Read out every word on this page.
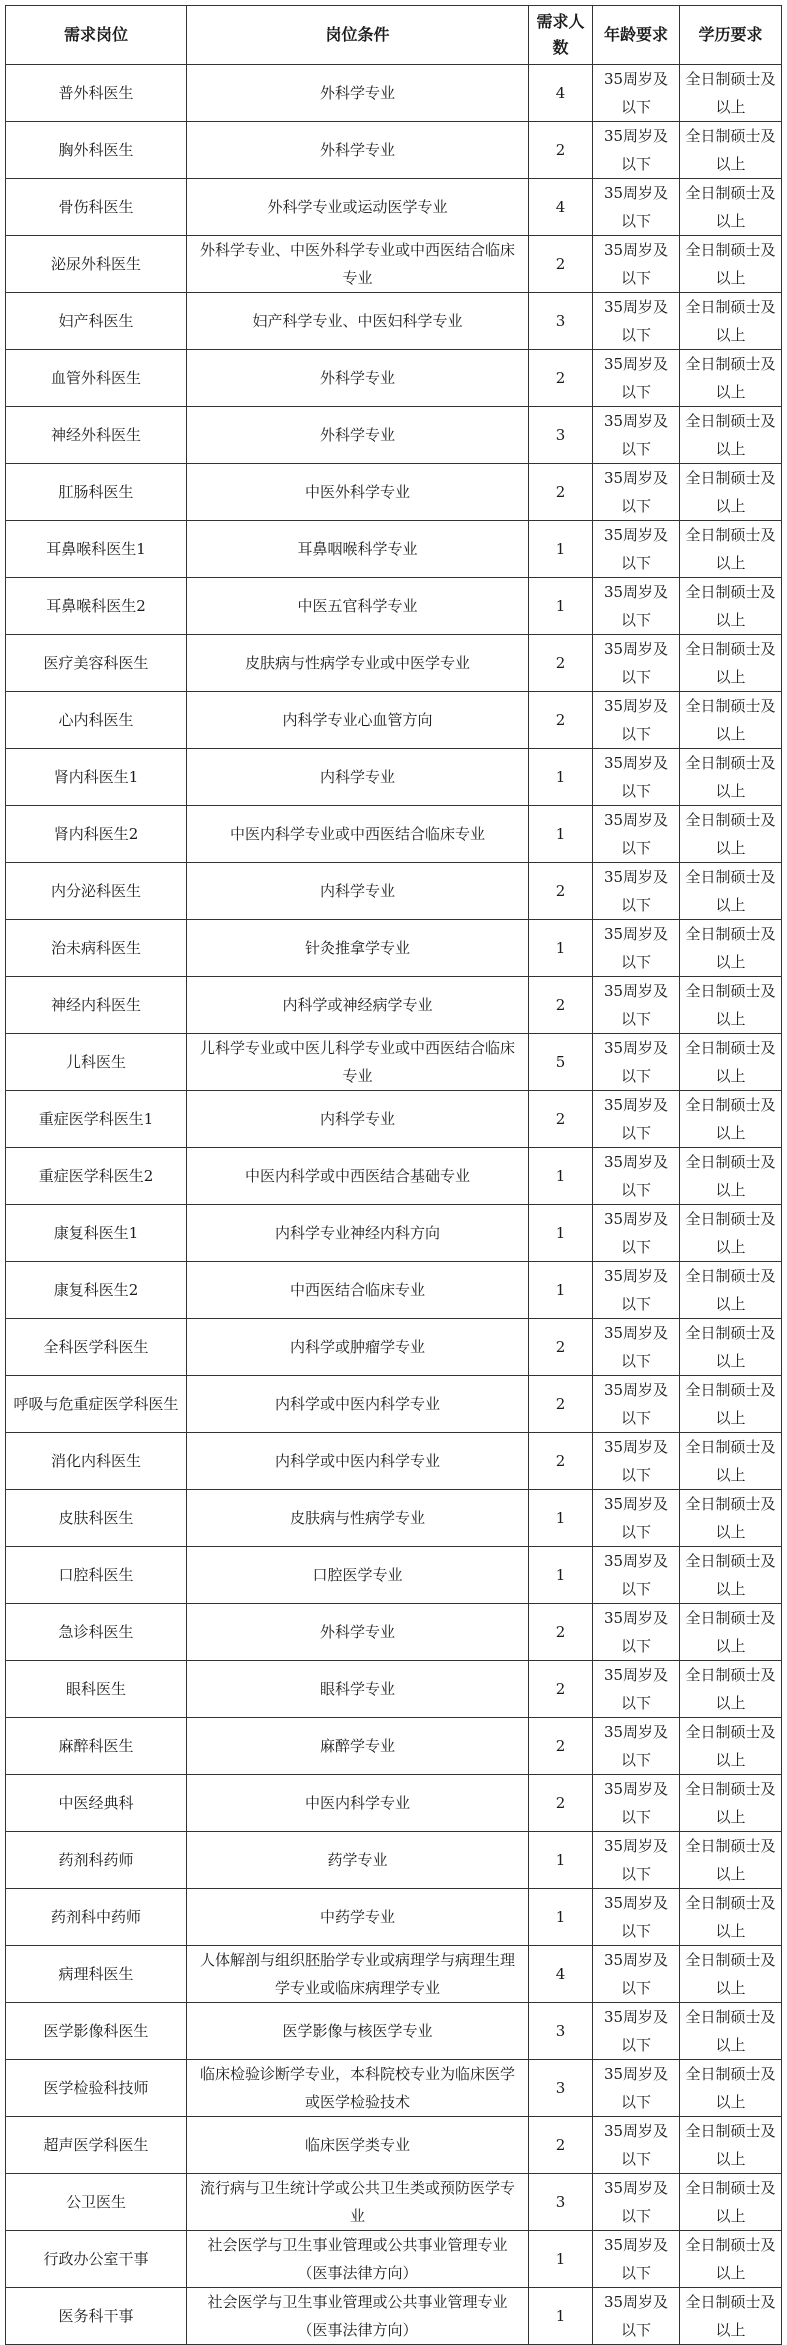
需求岗位	岗位条件	需求人数	年龄要求	学历要求
普外科医生	外科学专业	4	35周岁及以下	全日制硕士及以上
胸外科医生	外科学专业	2	35周岁及以下	全日制硕士及以上
骨伤科医生	外科学专业或运动医学专业	4	35周岁及以下	全日制硕士及以上
泌尿外科医生	外科学专业、中医外科学专业或中西医结合临床专业	2	35周岁及以下	全日制硕士及以上
妇产科医生	妇产科学专业、中医妇科学专业	3	35周岁及以下	全日制硕士及以上
血管外科医生	外科学专业	2	35周岁及以下	全日制硕士及以上
神经外科医生	外科学专业	3	35周岁及以下	全日制硕士及以上
肛肠科医生	中医外科学专业	2	35周岁及以下	全日制硕士及以上
耳鼻喉科医生1	耳鼻咽喉科学专业	1	35周岁及以下	全日制硕士及以上
耳鼻喉科医生2	中医五官科学专业	1	35周岁及以下	全日制硕士及以上
医疗美容科医生	皮肤病与性病学专业或中医学专业	2	35周岁及以下	全日制硕士及以上
心内科医生	内科学专业心血管方向	2	35周岁及以下	全日制硕士及以上
肾内科医生1	内科学专业	1	35周岁及以下	全日制硕士及以上
肾内科医生2	中医内科学专业或中西医结合临床专业	1	35周岁及以下	全日制硕士及以上
内分泌科医生	内科学专业	2	35周岁及以下	全日制硕士及以上
治未病科医生	针灸推拿学专业	1	35周岁及以下	全日制硕士及以上
神经内科医生	内科学或神经病学专业	2	35周岁及以下	全日制硕士及以上
儿科医生	儿科学专业或中医儿科学专业或中西医结合临床专业	5	35周岁及以下	全日制硕士及以上
重症医学科医生1	内科学专业	2	35周岁及以下	全日制硕士及以上
重症医学科医生2	中医内科学或中西医结合基础专业	1	35周岁及以下	全日制硕士及以上
康复科医生1	内科学专业神经内科方向	1	35周岁及以下	全日制硕士及以上
康复科医生2	中西医结合临床专业	1	35周岁及以下	全日制硕士及以上
全科医学科医生	内科学或肿瘤学专业	2	35周岁及以下	全日制硕士及以上
呼吸与危重症医学科医生	内科学或中医内科学专业	2	35周岁及以下	全日制硕士及以上
消化内科医生	内科学或中医内科学专业	2	35周岁及以下	全日制硕士及以上
皮肤科医生	皮肤病与性病学专业	1	35周岁及以下	全日制硕士及以上
口腔科医生	口腔医学专业	1	35周岁及以下	全日制硕士及以上
急诊科医生	外科学专业	2	35周岁及以下	全日制硕士及以上
眼科医生	眼科学专业	2	35周岁及以下	全日制硕士及以上
麻醉科医生	麻醉学专业	2	35周岁及以下	全日制硕士及以上
中医经典科	中医内科学专业	2	35周岁及以下	全日制硕士及以上
药剂科药师	药学专业	1	35周岁及以下	全日制硕士及以上
药剂科中药师	中药学专业	1	35周岁及以下	全日制硕士及以上
病理科医生	人体解剖与组织胚胎学专业或病理学与病理生理学专业或临床病理学专业	4	35周岁及以下	全日制硕士及以上
医学影像科医生	医学影像与核医学专业	3	35周岁及以下	全日制硕士及以上
医学检验科技师	临床检验诊断学专业，本科院校专业为临床医学或医学检验技术	3	35周岁及以下	全日制硕士及以上
超声医学科医生	临床医学类专业	2	35周岁及以下	全日制硕士及以上
公卫医生	流行病与卫生统计学或公共卫生类或预防医学专业	3	35周岁及以下	全日制硕士及以上
行政办公室干事	社会医学与卫生事业管理或公共事业管理专业（医事法律方向）	1	35周岁及以下	全日制硕士及以上
医务科干事	社会医学与卫生事业管理或公共事业管理专业（医事法律方向）	1	35周岁及以下	全日制硕士及以上
